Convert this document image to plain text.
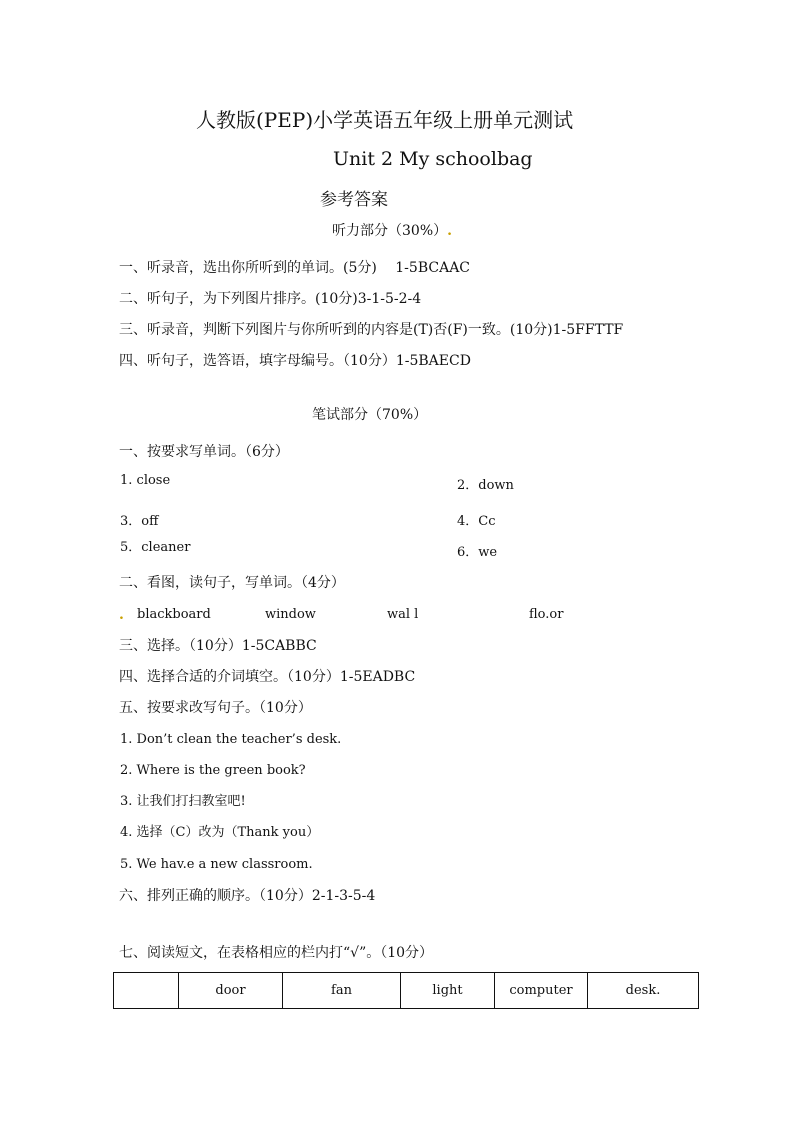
人教版(PEP)小学英语五年级上册单元测试
Unit 2 My schoolbag
参考答案
听力部分（30%）.
一、听录音，选出你所听到的单词。(5分)　 1-5BCAAC
二、听句子，为下列图片排序。(10分)3-1-5-2-4
三、听录音，判断下列图片与你所听到的内容是(T)否(F)一致。(10分)1-5FFTTF
四、听句子，选答语，填字母编号。（10分）1-5BAECD
笔试部分（70%）
一、按要求写单词。（6分）
1. close	2．down
3．off	4．Cc
5．cleaner	6．we
二、看图，读句子，写单词。（4分）
. blackboard	window	wal l	flo.or
三、选择。（10分）1-5CABBC
四、选择合适的介词填空。（10分）1-5EADBC
五、按要求改写句子。（10分）
1. Don’t clean the teacher’s desk.
2. Where is the green book?
3. 让我们打扫教室吧!
4. 选择（C）改为（Thank you）
5. We hav.e a new classroom.
六、排列正确的顺序。（10分）2-1-3-5-4
七、阅读短文，在表格相应的栏内打“√”。（10分）
	door	fan	light	computer	desk.
